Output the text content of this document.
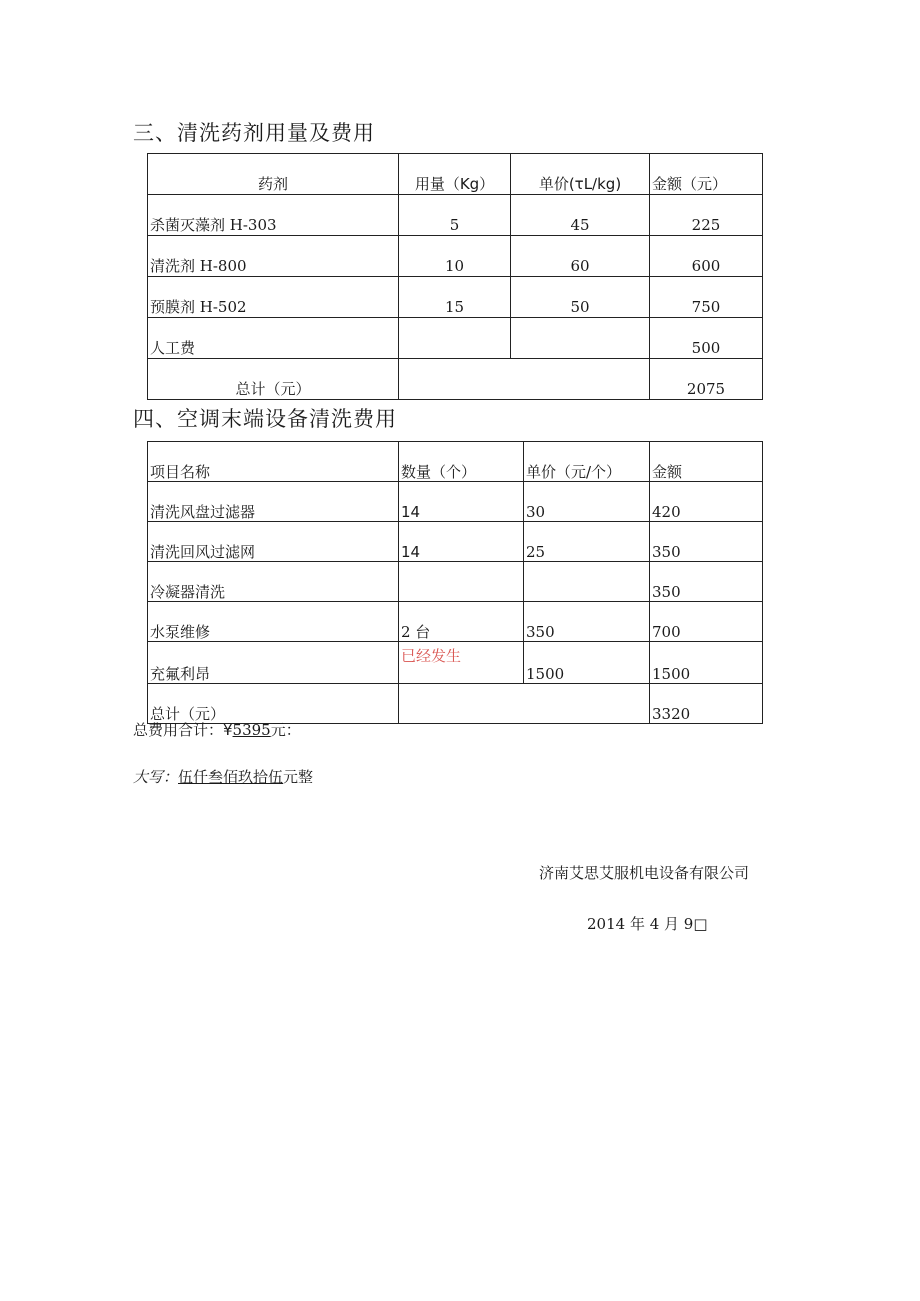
三、清洗药剂用量及费用
药剂	用量（Kg）	单价(τL∕kg)	金额（元）
杀菌灭藻剂 H-303	5	45	225
清洗剂 H-800	10	60	600
预膜剂 H-502	15	50	750
人工费			500
总计（元）			2075
四、空调末端设备清洗费用
项目名称	数量（个）	单价（元/个）	金额
清洗风盘过滤器	14	30	420
清洗回风过滤网	14	25	350
冷凝器清洗			350
水泵维修	2 台	350	700
充氟利昂	已经发生	1500	1500
总计（元）			3320
总费用合计：¥5395元：
大写：伍仟叁佰玖拾伍元整
济南艾思艾服机电设备有限公司
2014 年 4 月 9□
